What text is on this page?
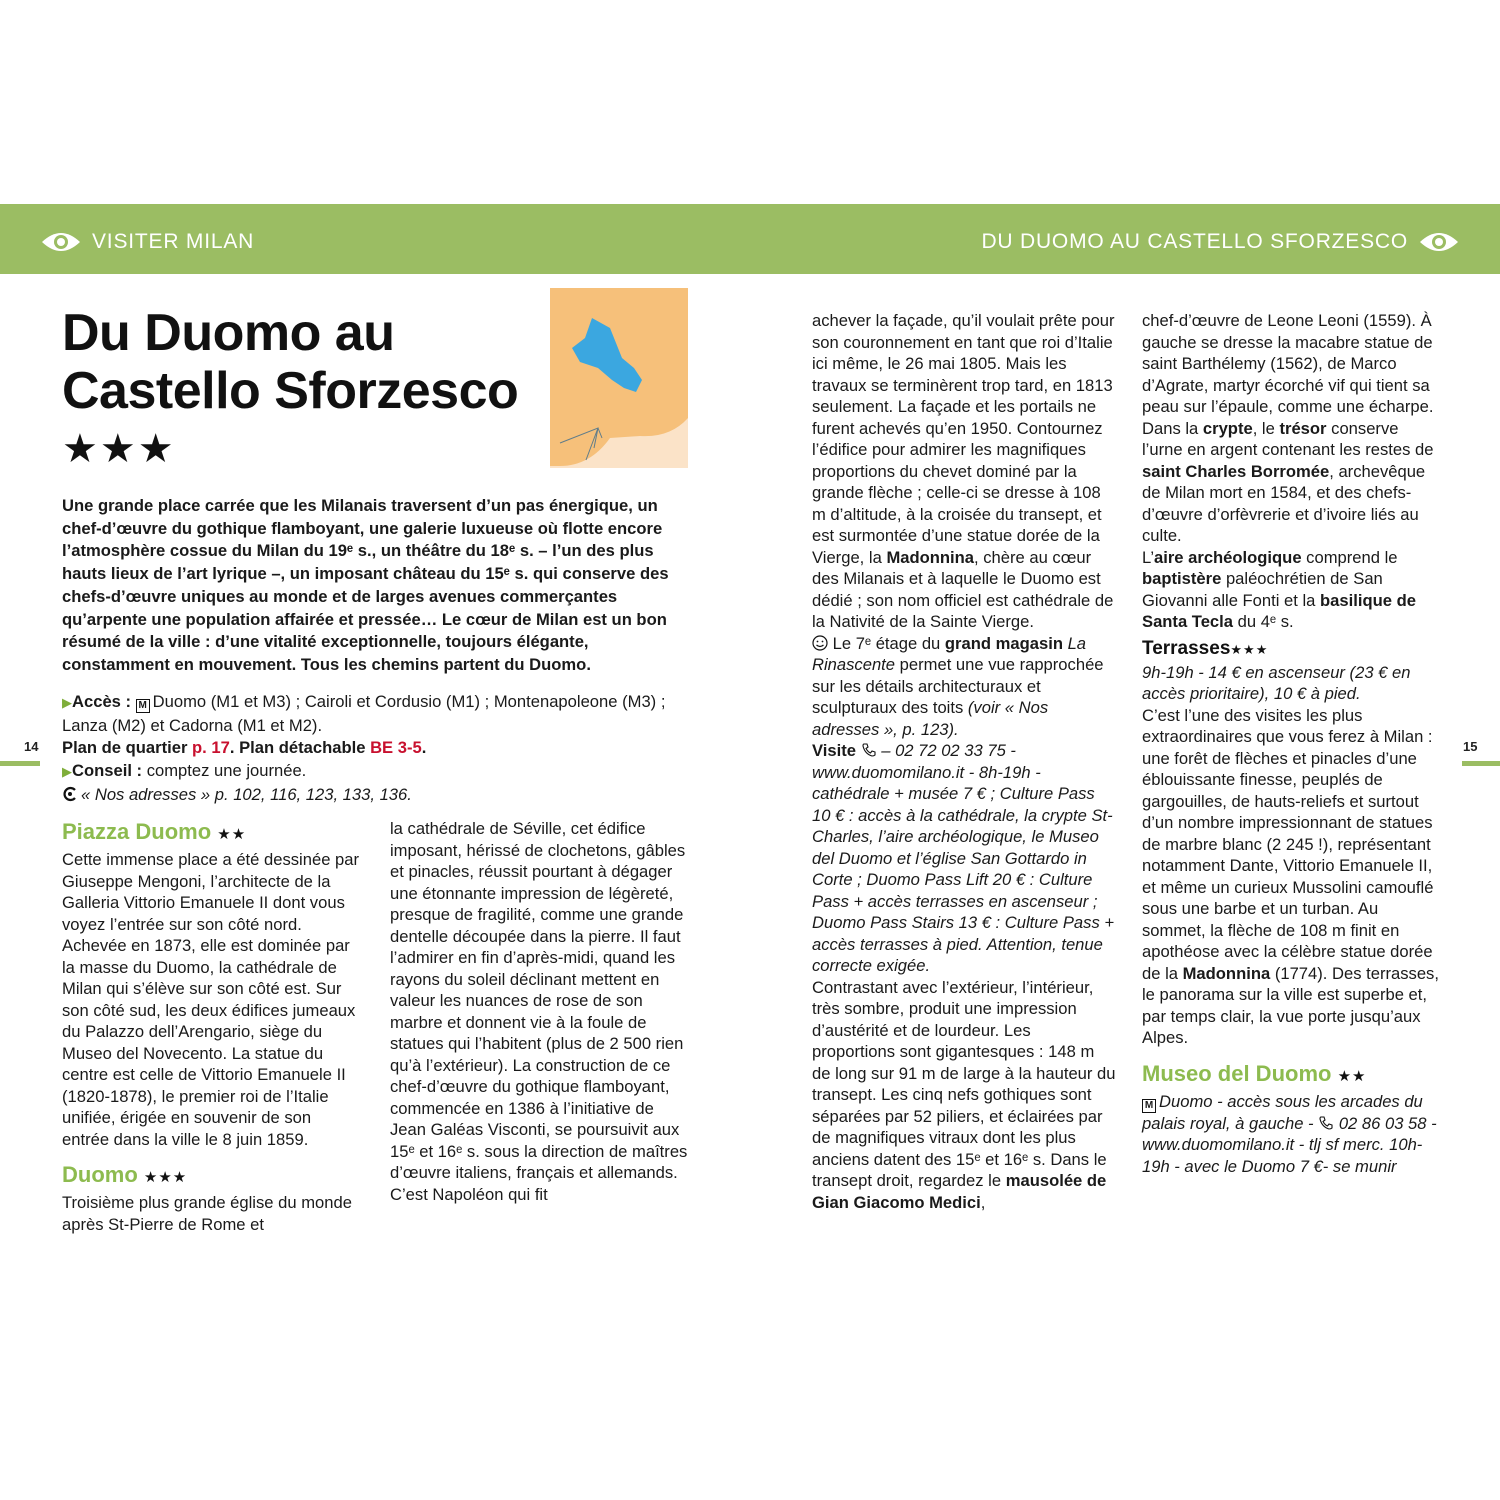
VISITER MILAN	DU DUOMO AU CASTELLO SFORZESCO
14	15
Du Duomo au
Castello Sforzesco
★★★

Une grande place carrée que les Milanais traversent d’un pas énergique, un chef-d’œuvre du gothique flamboyant, une galerie luxueuse où flotte encore l’atmosphère cossue du Milan du 19ᵉ s., un théâtre du 18ᵉ s. – l’un des plus hauts lieux de l’art lyrique –, un imposant château du 15ᵉ s. qui conserve des chefs-d’œuvre uniques au monde et de larges avenues commerçantes qu’arpente une population affairée et pressée… Le cœur de Milan est un bon résumé de la ville : d’une vitalité exceptionnelle, toujours élégante, constamment en mouvement. Tous les chemins partent du Duomo.

▶Accès : M Duomo (M1 et M3) ; Cairoli et Cordusio (M1) ; Montenapoleone (M3) ; Lanza (M2) et Cadorna (M1 et M2).
Plan de quartier p. 17. Plan détachable BE 3-5.
▶Conseil : comptez une journée.
« Nos adresses » p. 102, 116, 123, 133, 136.
Piazza Duomo ★★

Cette immense place a été dessinée par Giuseppe Mengoni, l’architecte de la Galleria Vittorio Emanuele II dont vous voyez l’entrée sur son côté nord. Achevée en 1873, elle est dominée par la masse du Duomo, la cathédrale de Milan qui s’élève sur son côté est. Sur son côté sud, les deux édifices jumeaux du Palazzo dell’Arengario, siège du Museo del Novecento. La statue du centre est celle de Vittorio Emanuele II (1820-1878), le premier roi de l’Italie unifiée, érigée en souvenir de son entrée dans la ville le 8 juin 1859.

Duomo ★★★

Troisième plus grande église du monde après St-Pierre de Rome et

la cathédrale de Séville, cet édifice imposant, hérissé de clochetons, gâbles et pinacles, réussit pourtant à dégager une étonnante impression de légèreté, presque de fragilité, comme une grande dentelle découpée dans la pierre. Il faut l’admirer en fin d’après-midi, quand les rayons du soleil déclinant mettent en valeur les nuances de rose de son marbre et donnent vie à la foule de statues qui l’habitent (plus de 2 500 rien qu’à l’extérieur). La construction de ce chef-d’œuvre du gothique flamboyant, commencée en 1386 à l’initiative de Jean Galéas Visconti, se poursuivit aux 15ᵉ et 16ᵉ s. sous la direction de maîtres d’œuvre italiens, français et allemands. C’est Napoléon qui fit

achever la façade, qu’il voulait prête pour son couronnement en tant que roi d’Italie ici même, le 26 mai 1805. Mais les travaux se terminèrent trop tard, en 1813 seulement. La façade et les portails ne furent achevés qu’en 1950. Contournez l’édifice pour admirer les magnifiques proportions du chevet dominé par la grande flèche ; celle-ci se dresse à 108 m d’altitude, à la croisée du transept, et est surmontée d’une statue dorée de la Vierge, la Madonnina, chère au cœur des Milanais et à laquelle le Duomo est dédié ; son nom officiel est cathédrale de la Nativité de la Sainte Vierge.

Le 7ᵉ étage du grand magasin La Rinascente permet une vue rapprochée sur les détails architecturaux et sculpturaux des toits (voir « Nos adresses », p. 123).

Visite – 02 72 02 33 75 - www.duomomilano.it - 8h-19h - cathédrale + musée 7 € ; Culture Pass 10 € : accès à la cathédrale, la crypte St-Charles, l’aire archéologique, le Museo del Duomo et l’église San Gottardo in Corte ; Duomo Pass Lift 20 € : Culture Pass + accès terrasses en ascenseur ; Duomo Pass Stairs 13 € : Culture Pass + accès terrasses à pied. Attention, tenue correcte exigée.

Contrastant avec l’extérieur, l’intérieur, très sombre, produit une impression d’austérité et de lourdeur. Les proportions sont gigantesques : 148 m de long sur 91 m de large à la hauteur du transept. Les cinq nefs gothiques sont séparées par 52 piliers, et éclairées par de magnifiques vitraux dont les plus anciens datent des 15ᵉ et 16ᵉ s. Dans le transept droit, regardez le mausolée de Gian Giacomo Medici,

chef-d’œuvre de Leone Leoni (1559). À gauche se dresse la macabre statue de saint Barthélemy (1562), de Marco d’Agrate, martyr écorché vif qui tient sa peau sur l’épaule, comme une écharpe.

Dans la crypte, le trésor conserve l’urne en argent contenant les restes de saint Charles Borromée, archevêque de Milan mort en 1584, et des chefs-d’œuvre d’orfèvrerie et d’ivoire liés au culte.

L’aire archéologique comprend le baptistère paléochrétien de San Giovanni alle Fonti et la basilique de Santa Tecla du 4ᵉ s.

Terrasses★★★

9h-19h - 14 € en ascenseur (23 € en accès prioritaire), 10 € à pied.

C’est l’une des visites les plus extraordinaires que vous ferez à Milan : une forêt de flèches et pinacles d’une éblouissante finesse, peuplés de gargouilles, de hauts-reliefs et surtout d’un nombre impressionnant de statues de marbre blanc (2 245 !), représentant notamment Dante, Vittorio Emanuele II, et même un curieux Mussolini camouflé sous une barbe et un turban. Au sommet, la flèche de 108 m finit en apothéose avec la célèbre statue dorée de la Madonnina (1774). Des terrasses, le panorama sur la ville est superbe et, par temps clair, la vue porte jusqu’aux Alpes.

Museo del Duomo ★★

M Duomo - accès sous les arcades du palais royal, à gauche - 02 86 03 58 - www.duomomilano.it - tlj sf merc. 10h-19h - avec le Duomo 7 €- se munir
